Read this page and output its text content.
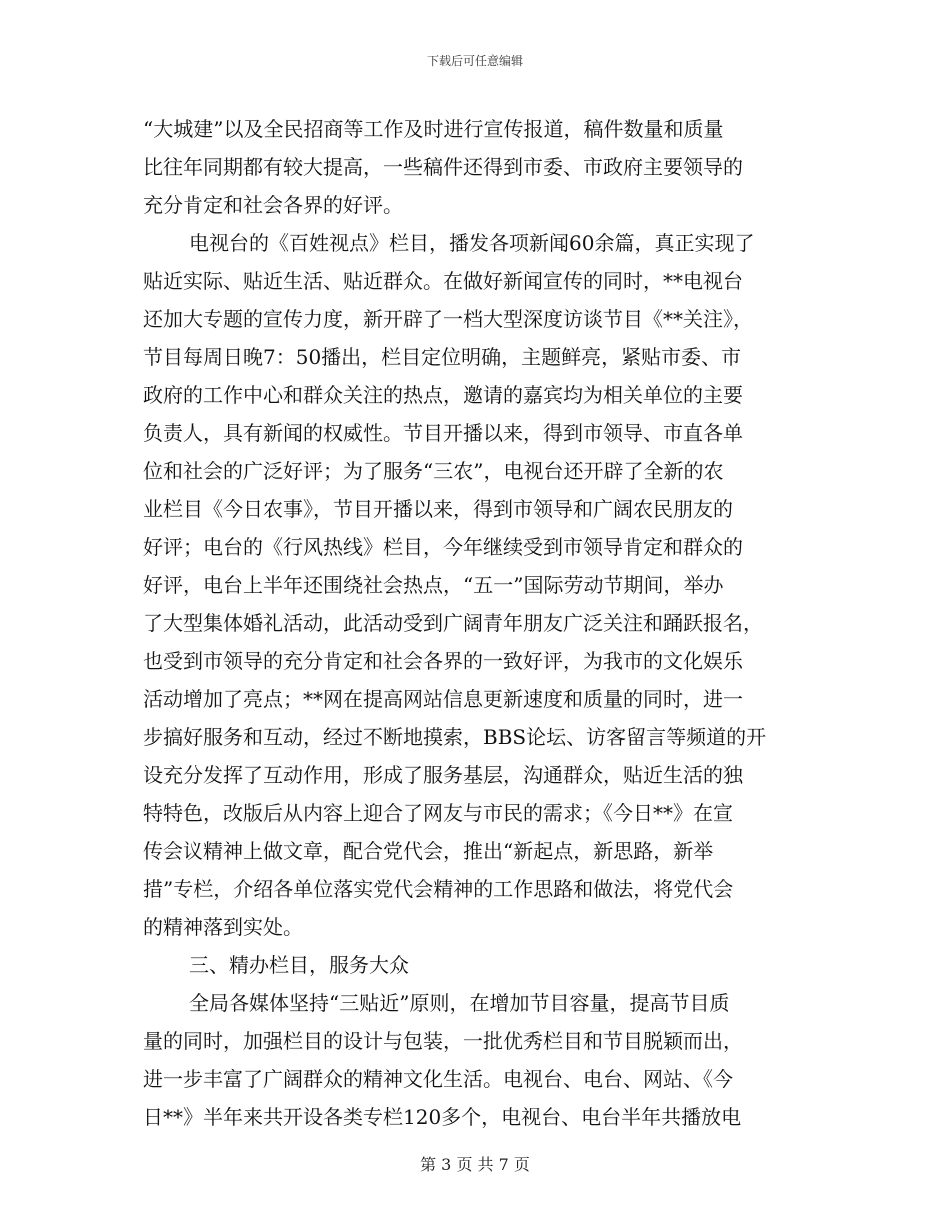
下载后可任意编辑
“大城建”以及全民招商等工作及时进行宣传报道，稿件数量和质量
比往年同期都有较大提高，一些稿件还得到市委、市政府主要领导的
充分肯定和社会各界的好评。
电视台的《百姓视点》栏目，播发各项新闻60余篇，真正实现了
贴近实际、贴近生活、贴近群众。在做好新闻宣传的同时，**电视台
还加大专题的宣传力度，新开辟了一档大型深度访谈节目《**关注》，
节目每周日晚7：50播出，栏目定位明确，主题鲜亮，紧贴市委、市
政府的工作中心和群众关注的热点，邀请的嘉宾均为相关单位的主要
负责人，具有新闻的权威性。节目开播以来，得到市领导、市直各单
位和社会的广泛好评；为了服务“三农”，电视台还开辟了全新的农
业栏目《今日农事》，节目开播以来，得到市领导和广阔农民朋友的
好评；电台的《行风热线》栏目，今年继续受到市领导肯定和群众的
好评，电台上半年还围绕社会热点，“五一”国际劳动节期间，举办
了大型集体婚礼活动，此活动受到广阔青年朋友广泛关注和踊跃报名，
也受到市领导的充分肯定和社会各界的一致好评，为我市的文化娱乐
活动增加了亮点；**网在提高网站信息更新速度和质量的同时，进一
步搞好服务和互动，经过不断地摸索，BBS论坛、访客留言等频道的开
设充分发挥了互动作用，形成了服务基层，沟通群众，贴近生活的独
特特色，改版后从内容上迎合了网友与市民的需求；《今日**》在宣
传会议精神上做文章，配合党代会，推出“新起点，新思路，新举
措”专栏，介绍各单位落实党代会精神的工作思路和做法，将党代会
的精神落到实处。
三、精办栏目，服务大众
全局各媒体坚持“三贴近”原则，在增加节目容量，提高节目质
量的同时，加强栏目的设计与包装，一批优秀栏目和节目脱颖而出，
进一步丰富了广阔群众的精神文化生活。电视台、电台、网站、《今
日**》半年来共开设各类专栏120多个，电视台、电台半年共播放电
第 3 页 共 7 页
